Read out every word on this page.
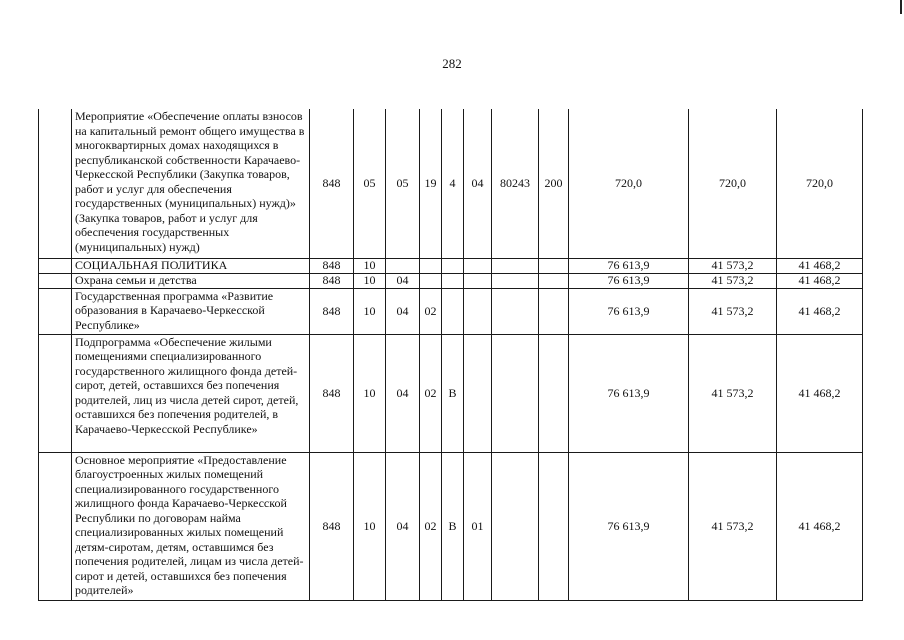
282
	Мероприятие «Обеспечение оплаты взносов на капитальный ремонт общего имущества в многоквартирных домах находящихся в республиканской собственности Карачаево-Черкесской Республики (Закупка товаров, работ и услуг для обеспечения государственных (муниципальных) нужд)» (Закупка товаров, работ и услуг для обеспечения государственных (муниципальных) нужд)	848	05	05	19	4	04	80243	200	720,0	720,0	720,0
	СОЦИАЛЬНАЯ ПОЛИТИКА	848	10							76 613,9	41 573,2	41 468,2
	Охрана семьи и детства	848	10	04						76 613,9	41 573,2	41 468,2
	Государственная программа «Развитие образования в Карачаево-Черкесской Республике»	848	10	04	02					76 613,9	41 573,2	41 468,2
	Подпрограмма «Обеспечение жилыми помещениями специализированного государственного жилищного фонда детей-сирот, детей, оставшихся без попечения родителей, лиц из числа детей сирот, детей, оставшихся без попечения родителей, в Карачаево-Черкесской Республике»	848	10	04	02	В				76 613,9	41 573,2	41 468,2
	Основное мероприятие «Предоставление благоустроенных жилых помещений специализированного государственного жилищного фонда Карачаево-Черкесской Республики по договорам найма специализированных жилых помещений детям-сиротам, детям, оставшимся без попечения родителей, лицам из числа детей-сирот и детей, оставшихся без попечения родителей»	848	10	04	02	В	01			76 613,9	41 573,2	41 468,2
